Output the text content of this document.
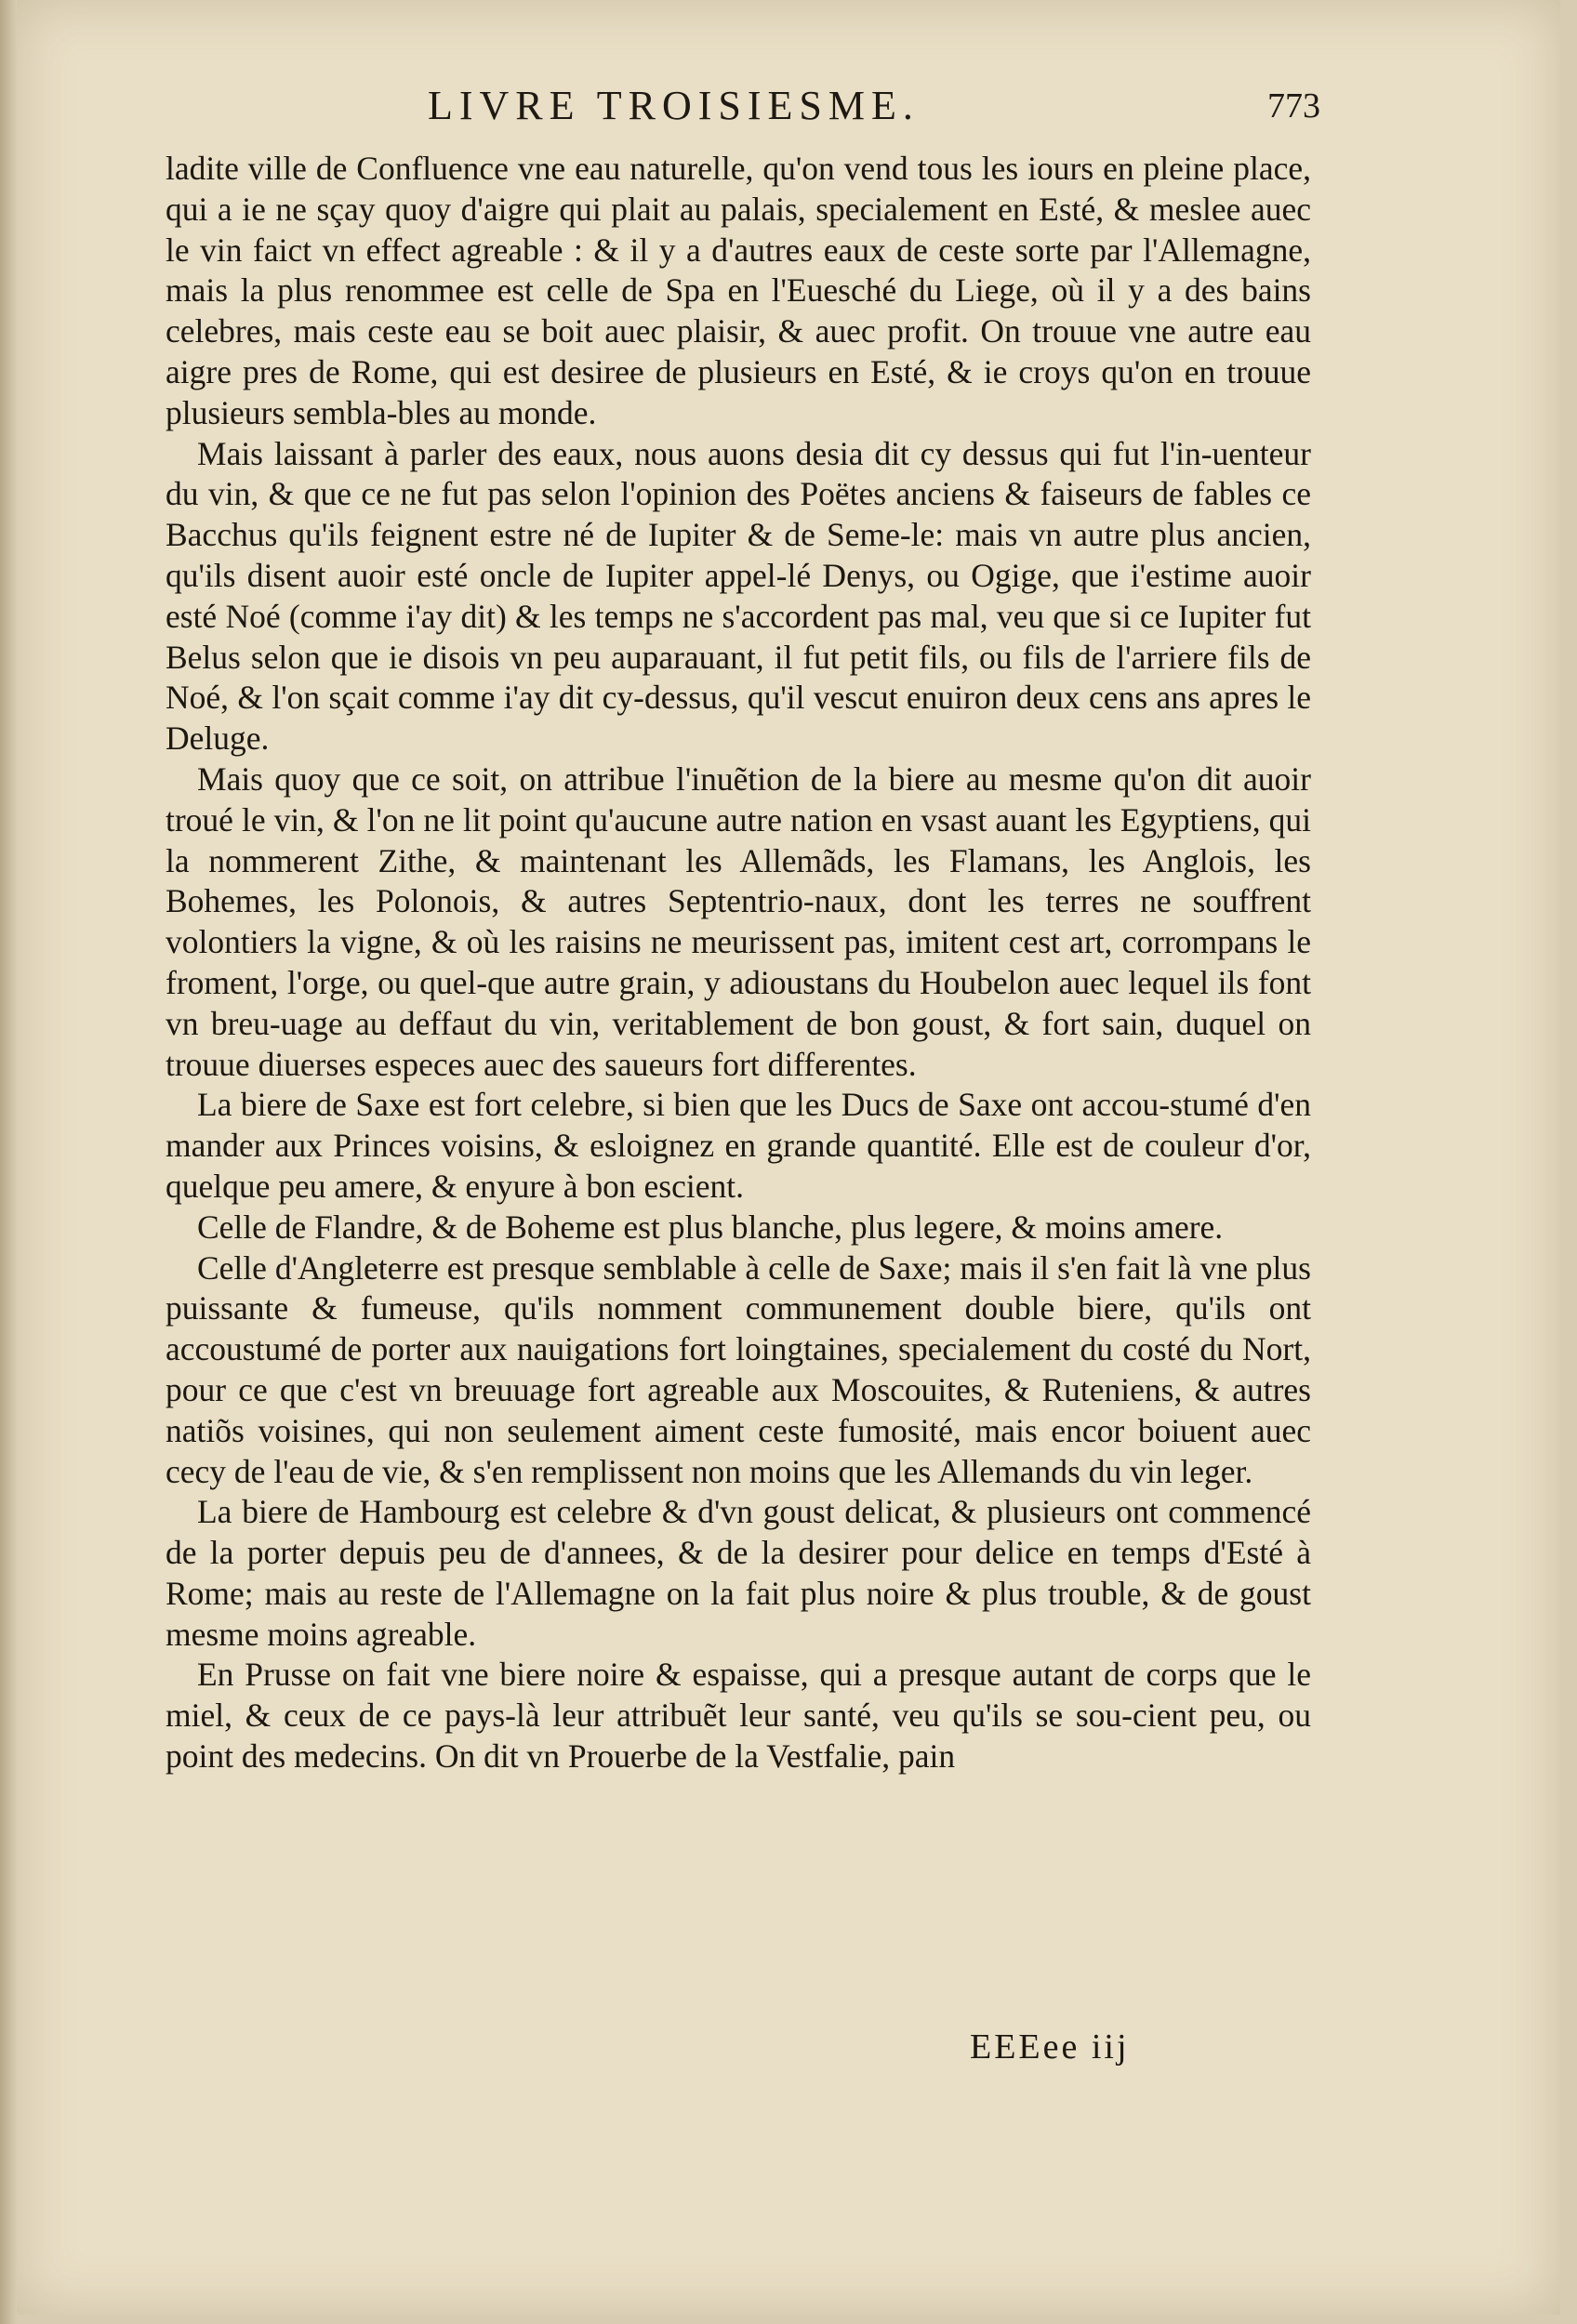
LIVRE TROISIESME.	773

ladite ville de Confluence vne eau naturelle, qu'on vend tous les iours en pleine place, qui a ie ne sçay quoy d'aigre qui plait au palais, specialement en Esté, & meslee auec le vin faict vn effect agreable : & il y a d'autres eaux de ceste sorte par l'Allemagne, mais la plus renommee est celle de Spa en l'Euesché du Liege, où il y a des bains celebres, mais ceste eau se boit auec plaisir, & auec profit. On trouue vne autre eau aigre pres de Rome, qui est desiree de plusieurs en Esté, & ie croys qu'on en trouue plusieurs sembla-bles au monde.

Mais laissant à parler des eaux, nous auons desia dit cy dessus qui fut l'in-uenteur du vin, & que ce ne fut pas selon l'opinion des Poëtes anciens & faiseurs de fables ce Bacchus qu'ils feignent estre né de Iupiter & de Seme-le: mais vn autre plus ancien, qu'ils disent auoir esté oncle de Iupiter appel-lé Denys, ou Ogige, que i'estime auoir esté Noé (comme i'ay dit) & les temps ne s'accordent pas mal, veu que si ce Iupiter fut Belus selon que ie disois vn peu auparauant, il fut petit fils, ou fils de l'arriere fils de Noé, & l'on sçait comme i'ay dit cy-dessus, qu'il vescut enuiron deux cens ans apres le Deluge.

Mais quoy que ce soit, on attribue l'inuẽtion de la biere au mesme qu'on dit auoir troué le vin, & l'on ne lit point qu'aucune autre nation en vsast auant les Egyptiens, qui la nommerent Zithe, & maintenant les Allemãds, les Flamans, les Anglois, les Bohemes, les Polonois, & autres Septentrio-naux, dont les terres ne souffrent volontiers la vigne, & où les raisins ne meurissent pas, imitent cest art, corrompans le froment, l'orge, ou quel-que autre grain, y adioustans du Houbelon auec lequel ils font vn breu-uage au deffaut du vin, veritablement de bon goust, & fort sain, duquel on trouue diuerses especes auec des saueurs fort differentes.

La biere de Saxe est fort celebre, si bien que les Ducs de Saxe ont accou-stumé d'en mander aux Princes voisins, & esloignez en grande quantité. Elle est de couleur d'or, quelque peu amere, & enyure à bon escient.

Celle de Flandre, & de Boheme est plus blanche, plus legere, & moins amere.

Celle d'Angleterre est presque semblable à celle de Saxe; mais il s'en fait là vne plus puissante & fumeuse, qu'ils nomment communement double biere, qu'ils ont accoustumé de porter aux nauigations fort loingtaines, specialement du costé du Nort, pour ce que c'est vn breuuage fort agreable aux Moscouites, & Ruteniens, & autres natiõs voisines, qui non seulement aiment ceste fumosité, mais encor boiuent auec cecy de l'eau de vie, & s'en remplissent non moins que les Allemands du vin leger.

La biere de Hambourg est celebre & d'vn goust delicat, & plusieurs ont commencé de la porter depuis peu de d'annees, & de la desirer pour delice en temps d'Esté à Rome; mais au reste de l'Allemagne on la fait plus noire & plus trouble, & de goust mesme moins agreable.

En Prusse on fait vne biere noire & espaisse, qui a presque autant de corps que le miel, & ceux de ce pays-là leur attribuẽt leur santé, veu qu'ils se sou-cient peu, ou point des medecins. On dit vn Prouerbe de la Vestfalie, pain

EEEee iij
